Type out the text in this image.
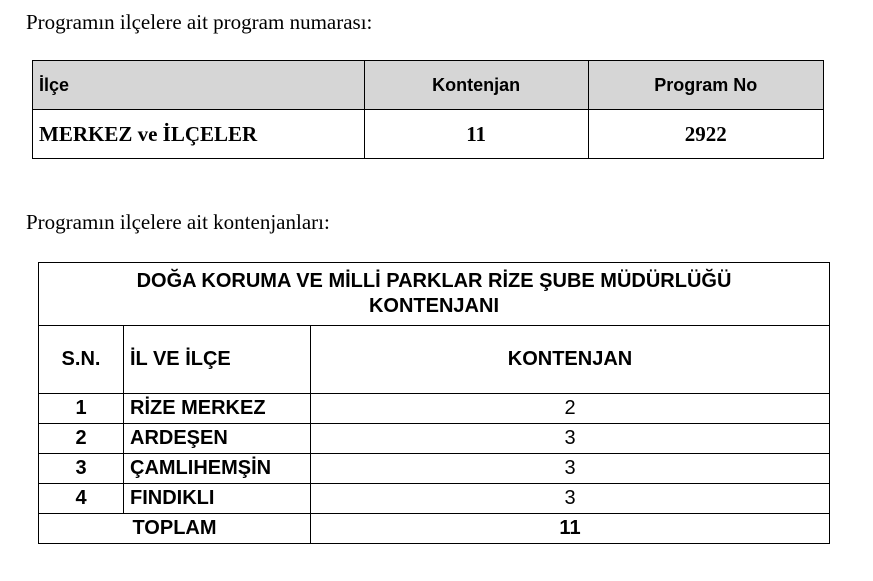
Programın ilçelere ait program numarası:
İlçe	Kontenjan	Program No
MERKEZ ve İLÇELER	11	2922
Programın ilçelere ait kontenjanları:
DOĞA KORUMA VE MİLLİ PARKLAR RİZE ŞUBE MÜDÜRLÜĞÜ
KONTENJANI		
S.N.	İL VE İLÇE	KONTENJAN
1	RİZE MERKEZ	2
2	ARDEŞEN	3
3	ÇAMLIHEMŞİN	3
4	FINDIKLI	3
TOPLAM		11
